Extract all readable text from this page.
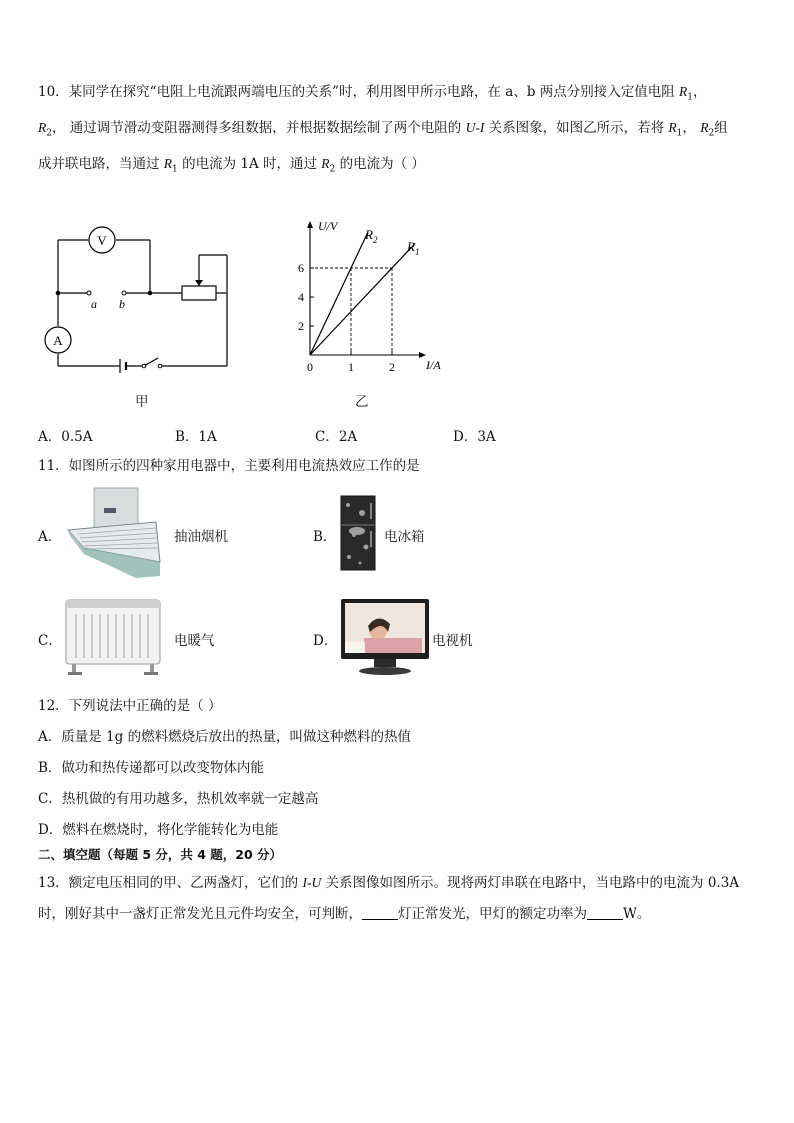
10．某同学在探究“电阻上电流跟两端电压的关系”时，利用图甲所示电路，在 a、b 两点分别接入定值电阻 $R_1$，
$R_2$， 通过调节滑动变阻器测得多组数据，并根据数据绘制了两个电阻的 U-I 关系图象，如图乙所示，若将 $R_1$， $R_2$组
成并联电路，当通过 $R_1$ 的电流为 1A 时，通过 $R_2$ 的电流为（ ）
V
A
a b
甲
U/V
I/A
2
4
6
0	1	2
$R_2$ $R_1$
乙
A．0.5A	B．1A	C．2A	D．3A
11．如图所示的四种家用电器中，主要利用电流热效应工作的是
A．	抽油烟机	B．	电冰箱
C．	电暖气	D．	电视机
12．下列说法中正确的是（ ）
A．质量是 1g 的燃料燃烧后放出的热量，叫做这种燃料的热值
B．做功和热传递都可以改变物体内能
C．热机做的有用功越多，热机效率就一定越高
D．燃料在燃烧时，将化学能转化为电能
二、填空题（每题 5 分，共 4 题，20 分）
13．额定电压相同的甲、乙两盏灯，它们的 I-U 关系图像如图所示。现将两灯串联在电路中，当电路中的电流为 0.3A
时，刚好其中一盏灯正常发光且元件均安全，可判断，	灯正常发光，甲灯的额定功率为	W。
